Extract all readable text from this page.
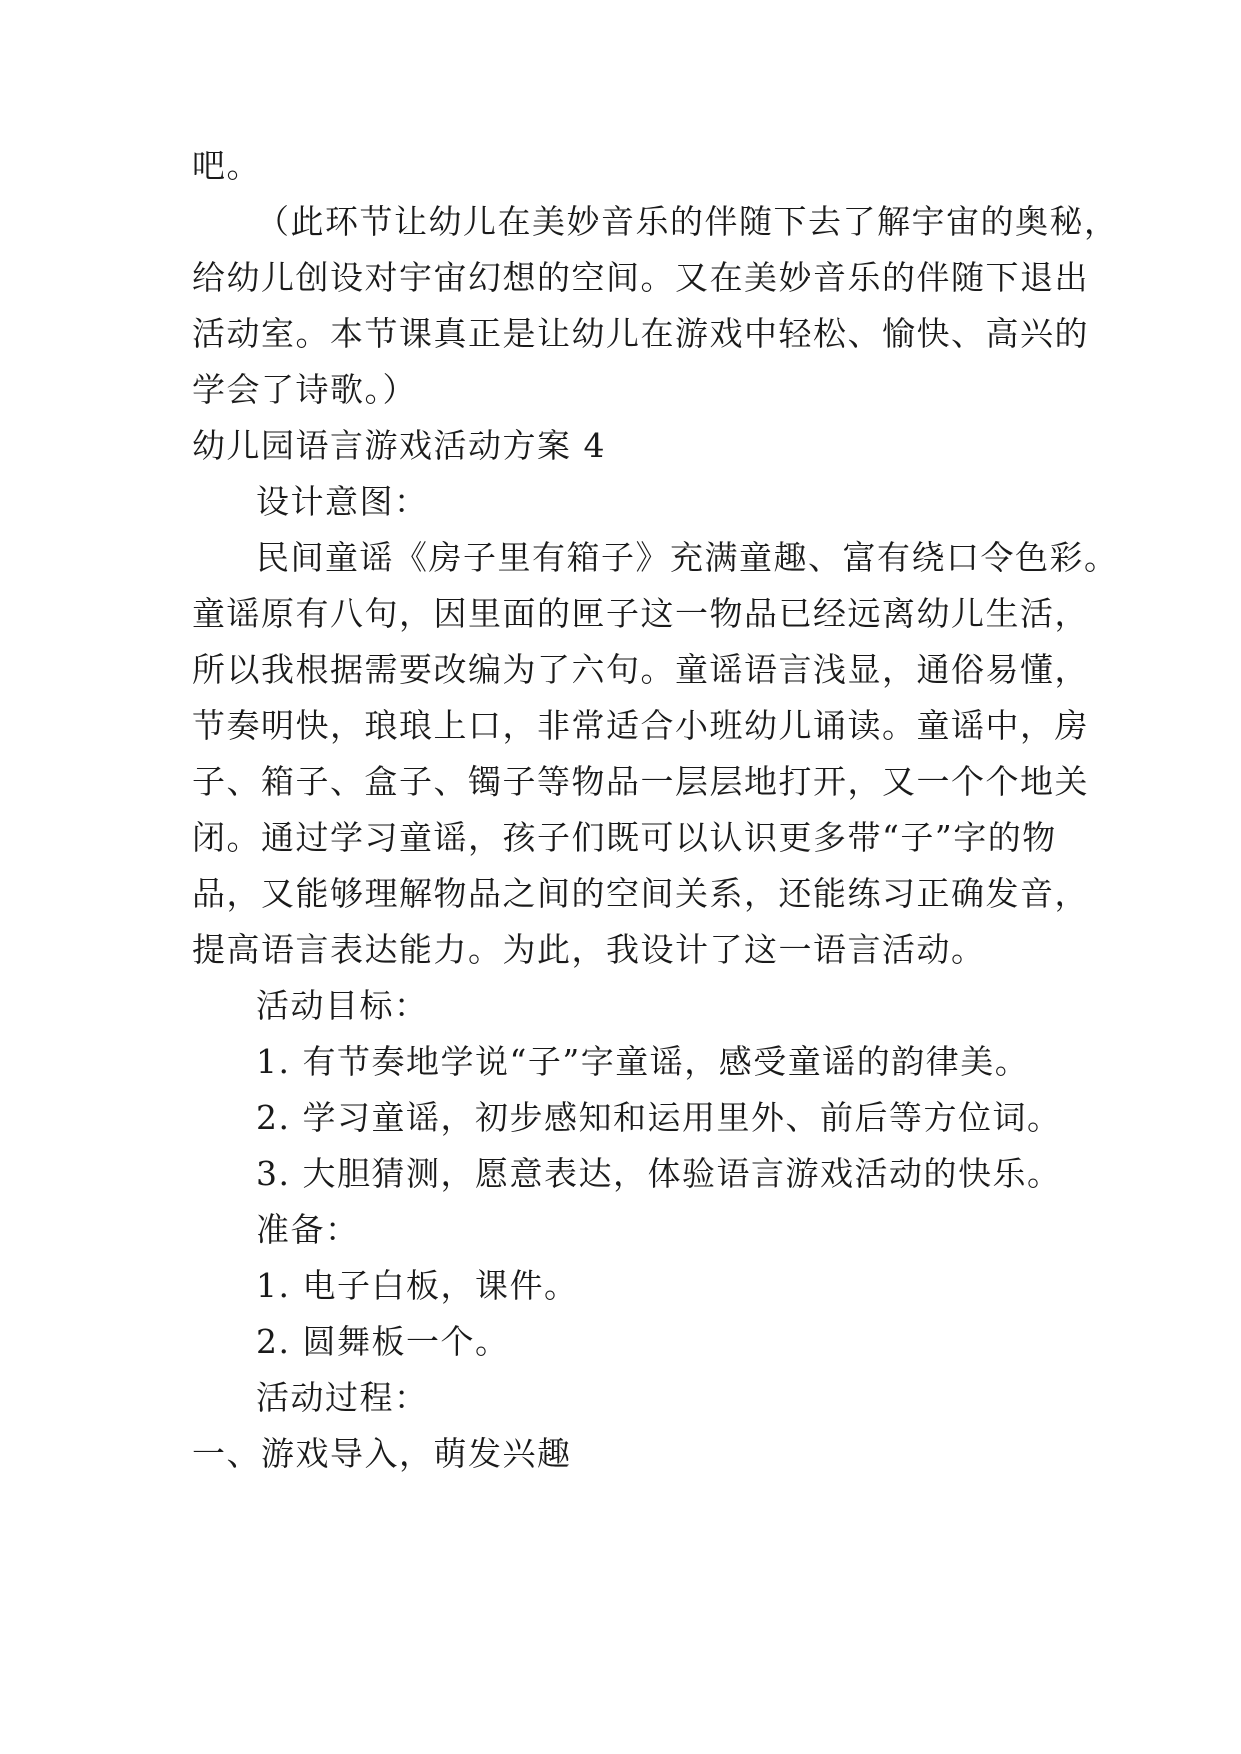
吧。
（此环节让幼儿在美妙音乐的伴随下去了解宇宙的奥秘，
给幼儿创设对宇宙幻想的空间。又在美妙音乐的伴随下退出
活动室。本节课真正是让幼儿在游戏中轻松、愉快、高兴的
学会了诗歌。）
幼儿园语言游戏活动方案 4
设计意图：
民间童谣《房子里有箱子》充满童趣、富有绕口令色彩。
童谣原有八句，因里面的匣子这一物品已经远离幼儿生活，
所以我根据需要改编为了六句。童谣语言浅显，通俗易懂，
节奏明快，琅琅上口，非常适合小班幼儿诵读。童谣中，房
子、箱子、盒子、镯子等物品一层层地打开，又一个个地关
闭。通过学习童谣，孩子们既可以认识更多带“子”字的物
品，又能够理解物品之间的空间关系，还能练习正确发音，
提高语言表达能力。为此，我设计了这一语言活动。
活动目标：
1. 有节奏地学说“子”字童谣，感受童谣的韵律美。
2. 学习童谣，初步感知和运用里外、前后等方位词。
3. 大胆猜测，愿意表达，体验语言游戏活动的快乐。
准备：
1. 电子白板，课件。
2. 圆舞板一个。
活动过程：
一、游戏导入，萌发兴趣
